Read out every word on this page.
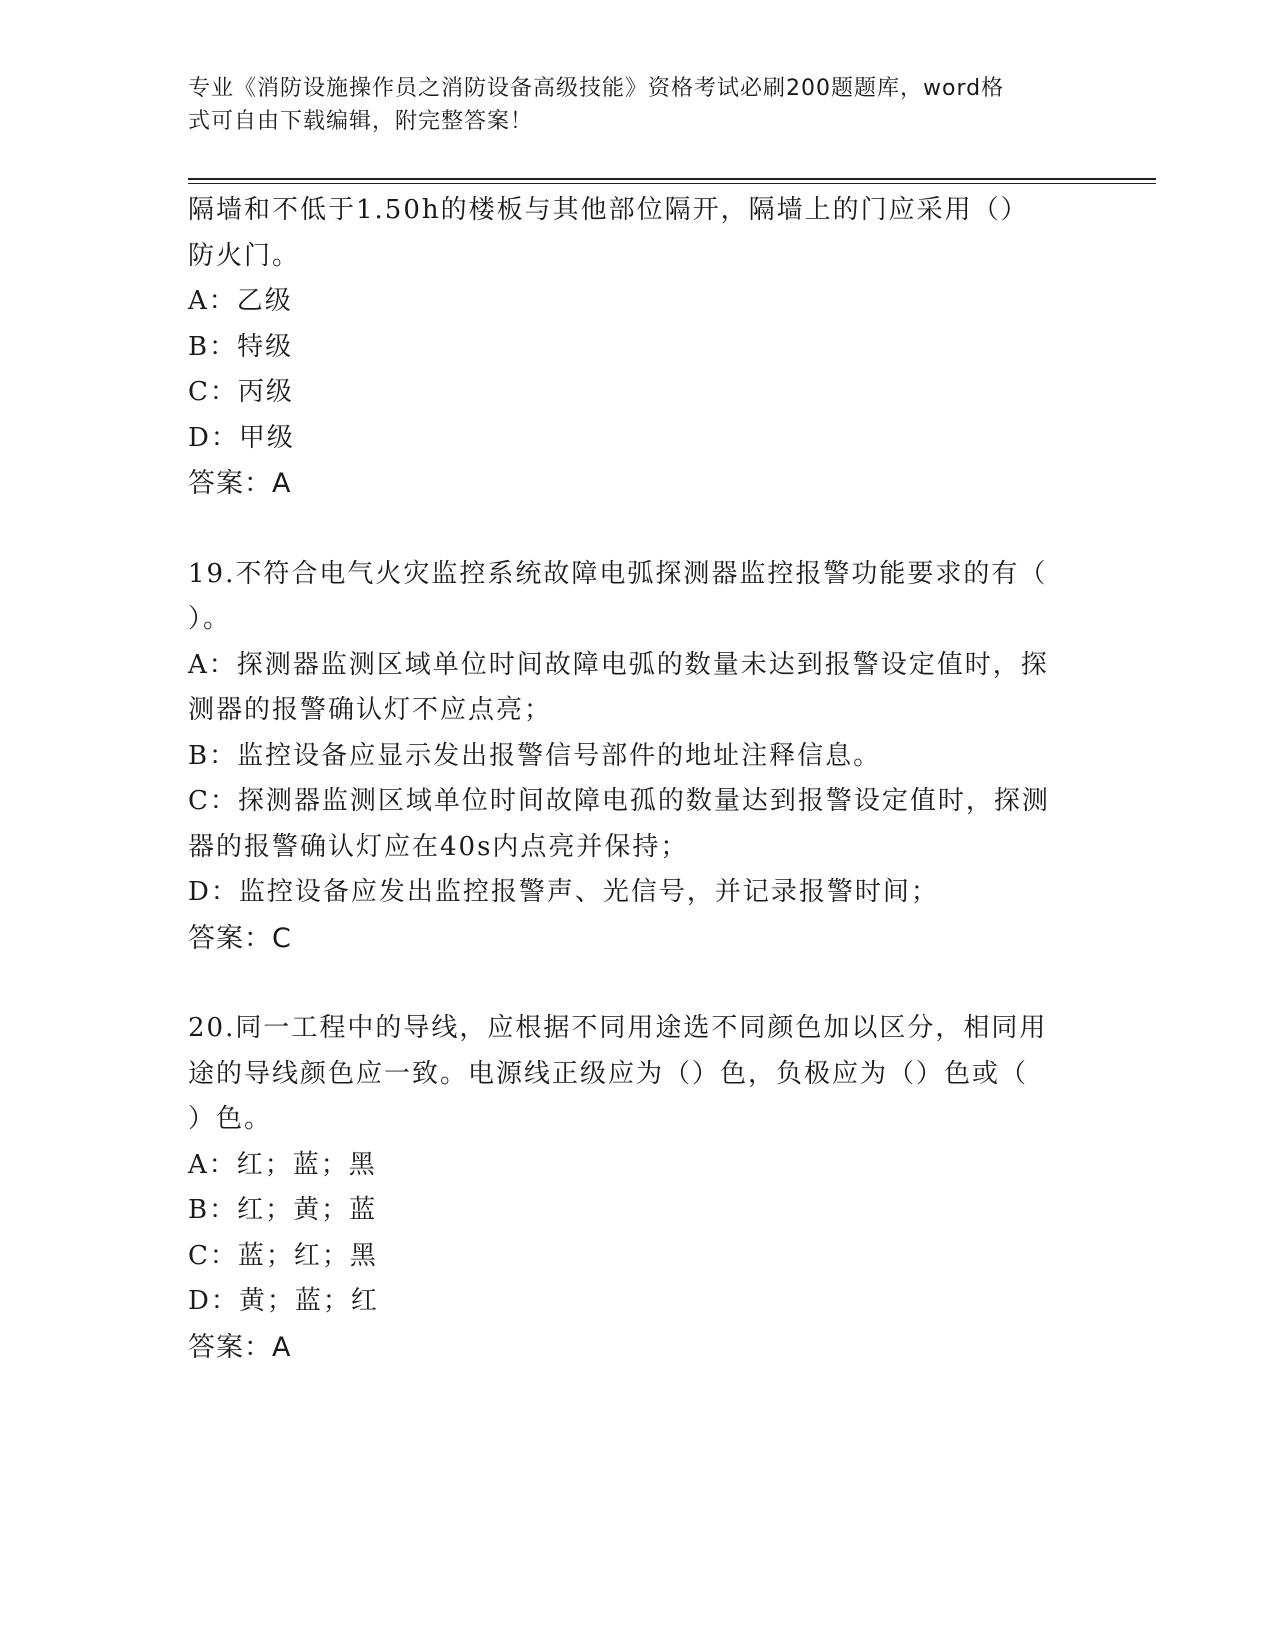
专业《消防设施操作员之消防设备高级技能》资格考试必刷200题题库，word格
式可自由下载编辑，附完整答案！
隔墙和不低于1.50h的楼板与其他部位隔开，隔墙上的门应采用（）
防火门。
A：乙级
B：特级
C：丙级
D：甲级
答案：A
19.不符合电气火灾监控系统故障电弧探测器监控报警功能要求的有（
）。
A：探测器监测区域单位时间故障电弧的数量未达到报警设定值时，探
测器的报警确认灯不应点亮；
B：监控设备应显示发出报警信号部件的地址注释信息。
C：探测器监测区域单位时间故障电孤的数量达到报警设定值时，探测
器的报警确认灯应在40s内点亮并保持；
D：监控设备应发出监控报警声、光信号，并记录报警时间；
答案：C
20.同一工程中的导线，应根据不同用途选不同颜色加以区分，相同用
途的导线颜色应一致。电源线正级应为（）色，负极应为（）色或（
）色。
A：红；蓝；黑
B：红；黄；蓝
C：蓝；红；黑
D：黄；蓝；红
答案：A
